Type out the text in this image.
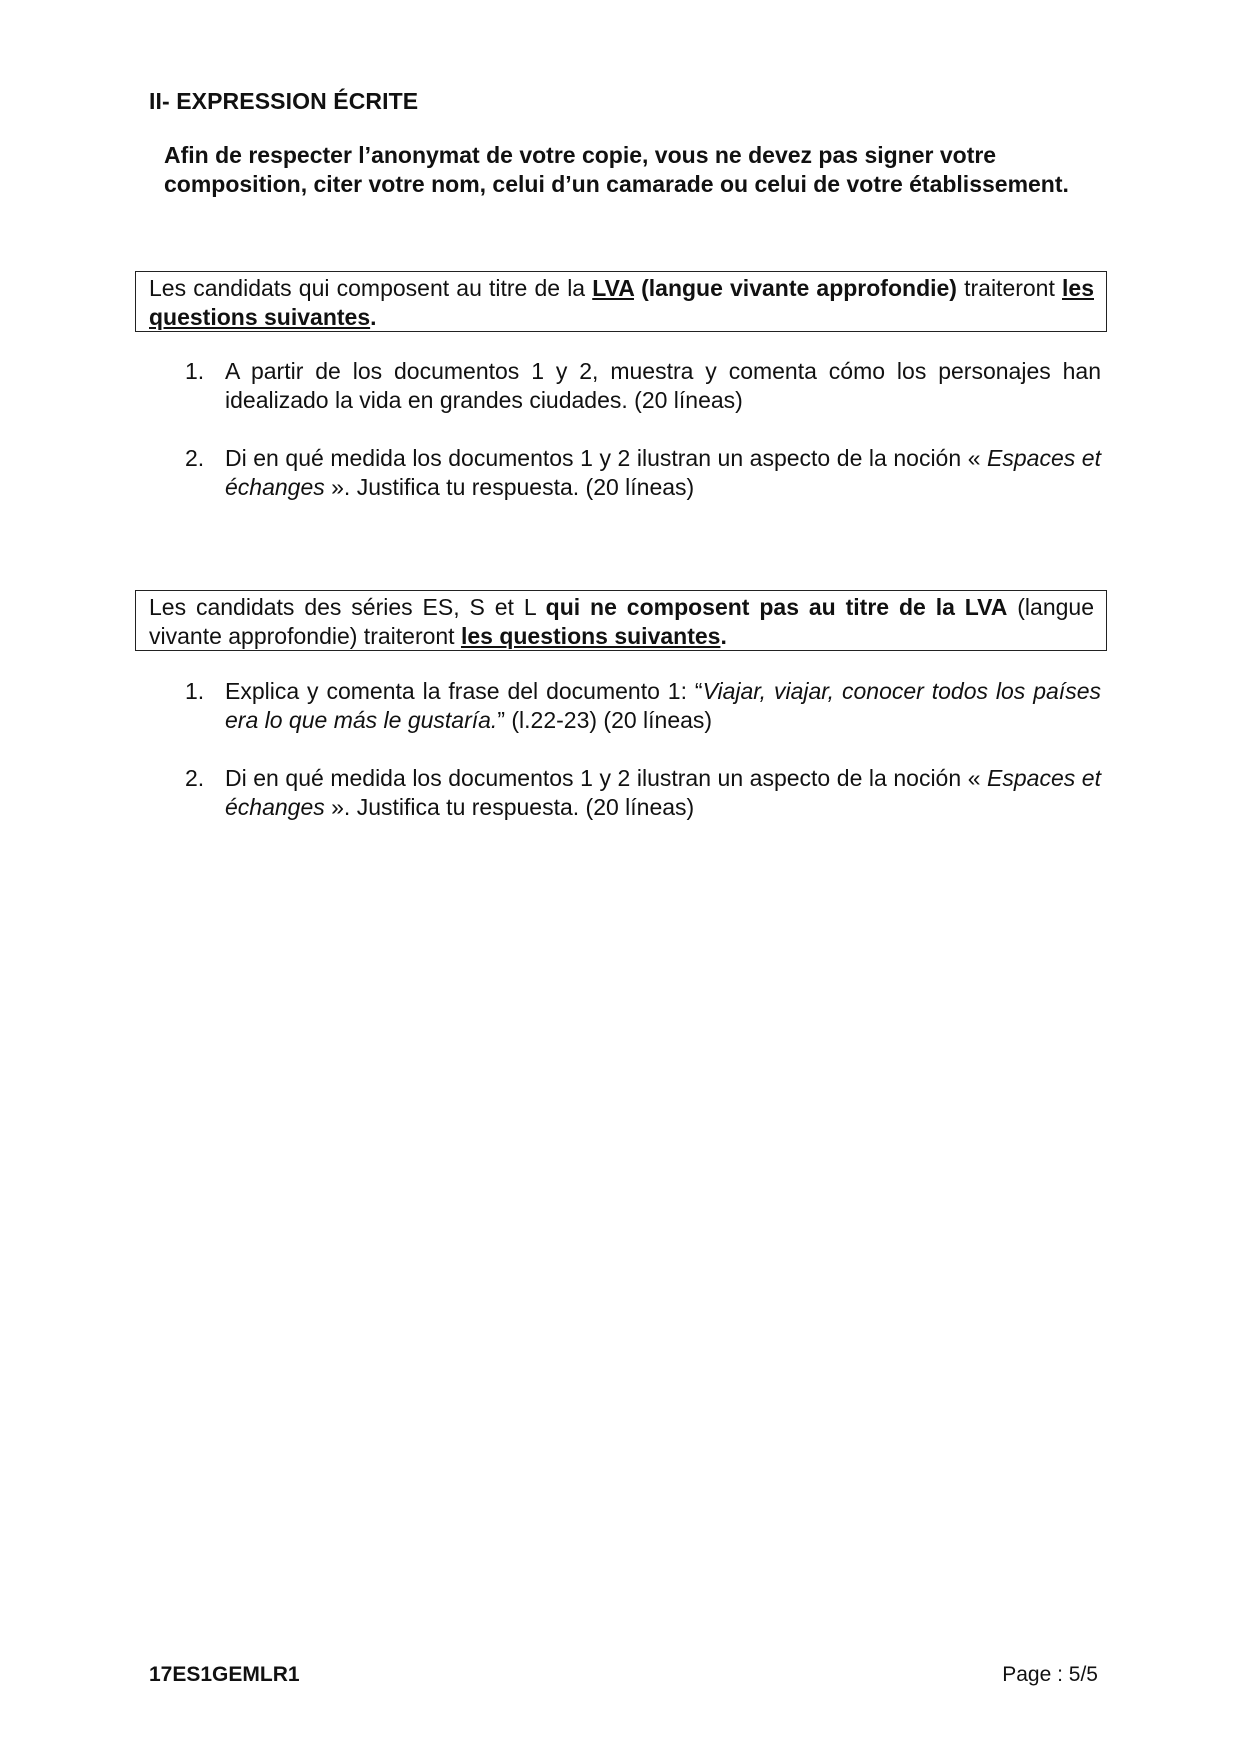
II- EXPRESSION ÉCRITE

Afin de respecter l’anonymat de votre copie, vous ne devez pas signer votre composition, citer votre nom, celui d’un camarade ou celui de votre établissement.

Les candidats qui composent au titre de la LVA (langue vivante approfondie) traiteront les questions suivantes.
1. A partir de los documentos 1 y 2, muestra y comenta cómo los personajes han idealizado la vida en grandes ciudades. (20 líneas)
2. Di en qué medida los documentos 1 y 2 ilustran un aspecto de la noción « Espaces et échanges ». Justifica tu respuesta. (20 líneas)
Les candidats des séries ES, S et L qui ne composent pas au titre de la LVA (langue vivante approfondie) traiteront les questions suivantes.
1. Explica y comenta la frase del documento 1: “Viajar, viajar, conocer todos los países era lo que más le gustaría.” (l.22-23) (20 líneas)
2. Di en qué medida los documentos 1 y 2 ilustran un aspecto de la noción « Espaces et échanges ». Justifica tu respuesta. (20 líneas)
17ES1GEMLR1	Page : 5/5
